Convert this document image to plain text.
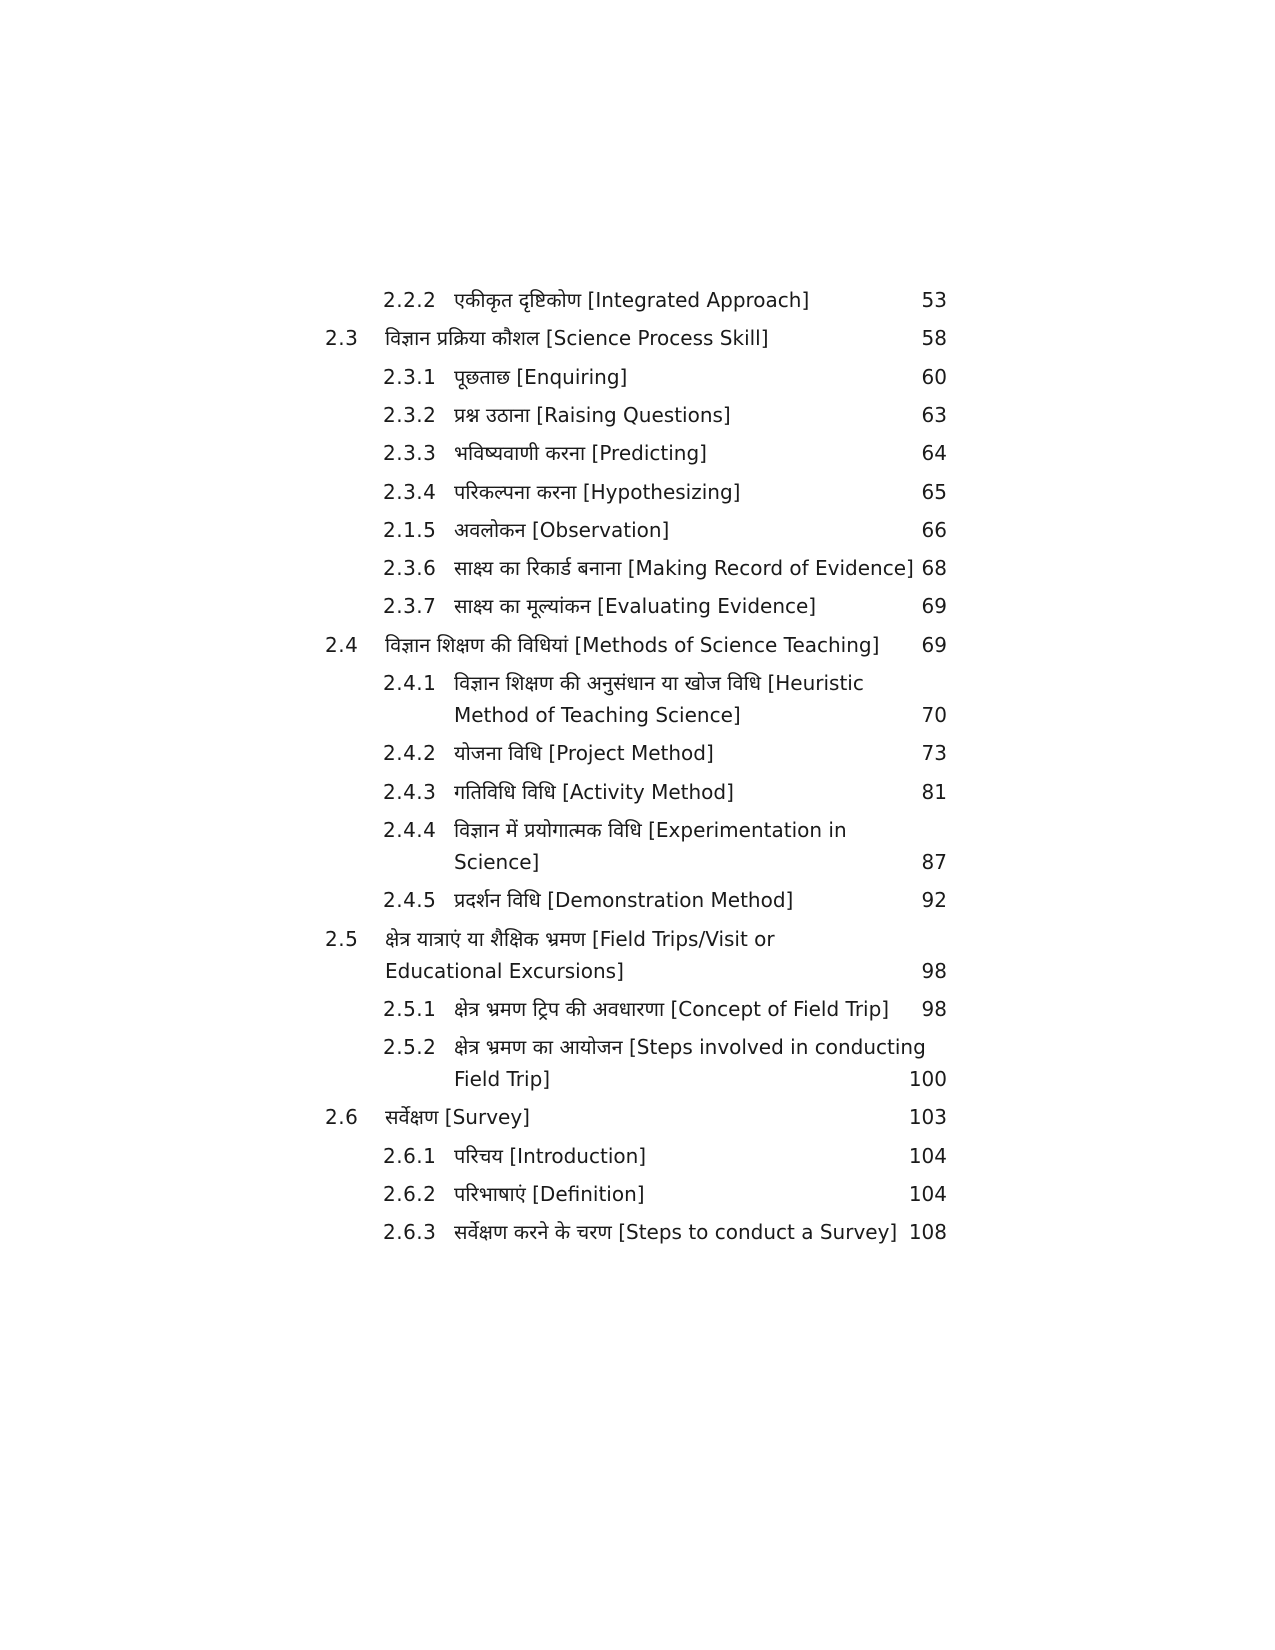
2.2.2 एकीकृत दृष्टिकोण [Integrated Approach]	53
2.3 विज्ञान प्रक्रिया कौशल [Science Process Skill]	58
2.3.1 पूछताछ [Enquiring]	60
2.3.2 प्रश्न उठाना [Raising Questions]	63
2.3.3 भविष्यवाणी करना [Predicting]	64
2.3.4 परिकल्पना करना [Hypothesizing]	65
2.1.5 अवलोकन [Observation]	66
2.3.6 साक्ष्य का रिकार्ड बनाना [Making Record of Evidence] 68
2.3.7 साक्ष्य का मूल्यांकन [Evaluating Evidence]	69
2.4 विज्ञान शिक्षण की विधियां [Methods of Science Teaching] 69
2.4.1 विज्ञान शिक्षण की अनुसंधान या खोज विधि [Heuristic
Method of Teaching Science]	70
2.4.2 योजना विधि [Project Method]	73
2.4.3 गतिविधि विधि [Activity Method]	81
2.4.4 विज्ञान में प्रयोगात्मक विधि [Experimentation in
Science]	87
2.4.5 प्रदर्शन विधि [Demonstration Method]	92
2.5 क्षेत्र यात्राएं या शैक्षिक भ्रमण [Field Trips/Visit or
Educational Excursions]	98
2.5.1 क्षेत्र भ्रमण ट्रिप की अवधारणा [Concept of Field Trip] 98
2.5.2 क्षेत्र भ्रमण का आयोजन [Steps involved in conducting
Field Trip]	100
2.6 सर्वेक्षण [Survey]	103
2.6.1 परिचय [Introduction]	104
2.6.2 परिभाषाएं [Definition]	104
2.6.3 सर्वेक्षण करने के चरण [Steps to conduct a Survey] 108
